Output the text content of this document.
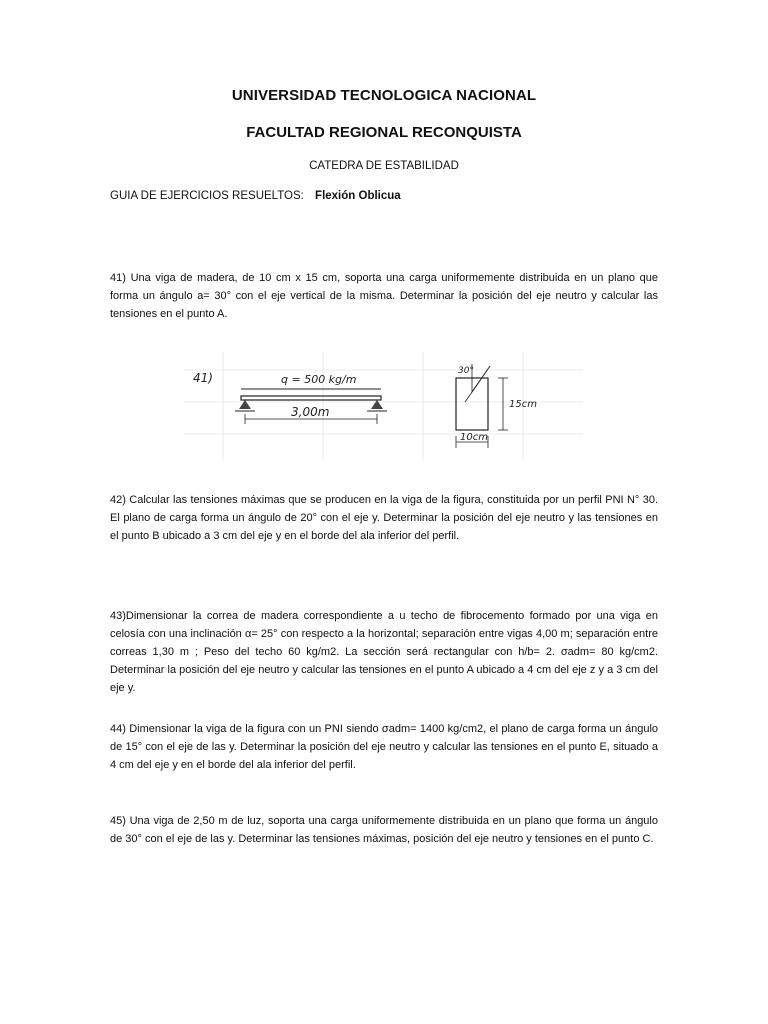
UNIVERSIDAD TECNOLOGICA NACIONAL
FACULTAD REGIONAL RECONQUISTA
CATEDRA DE ESTABILIDAD
GUIA DE EJERCICIOS RESUELTOS: Flexión Oblicua

41) Una viga de madera, de 10 cm x 15 cm, soporta una carga uniformemente distribuida en un plano que forma un ángulo a= 30° con el eje vertical de la misma. Determinar la posición del eje neutro y calcular las tensiones en el punto A.

41)	q = 500 kg/m
3,00m
30°
15cm
10cm

42) Calcular las tensiones máximas que se producen en la viga de la figura, constituida por un perfil PNI N° 30. El plano de carga forma un ángulo de 20° con el eje y. Determinar la posición del eje neutro y las tensiones en el punto B ubicado a 3 cm del eje y en el borde del ala inferior del perfil.

43)Dimensionar la correa de madera correspondiente a u techo de fibrocemento formado por una viga en celosía con una inclinación α= 25° con respecto a la horizontal; separación entre vigas 4,00 m; separación entre correas 1,30 m ; Peso del techo 60 kg/m2. La sección será rectangular con h/b= 2. σadm= 80 kg/cm2. Determinar la posición del eje neutro y calcular las tensiones en el punto A ubicado a 4 cm del eje z y a 3 cm del eje y.

44) Dimensionar la viga de la figura con un PNI siendo σadm= 1400 kg/cm2, el plano de carga forma un ángulo de 15° con el eje de las y. Determinar la posición del eje neutro y calcular las tensiones en el punto E, situado a 4 cm del eje y en el borde del ala inferior del perfil.

45) Una viga de 2,50 m de luz, soporta una carga uniformemente distribuida en un plano que forma un ángulo de 30° con el eje de las y. Determinar las tensiones máximas, posición del eje neutro y tensiones en el punto C.
